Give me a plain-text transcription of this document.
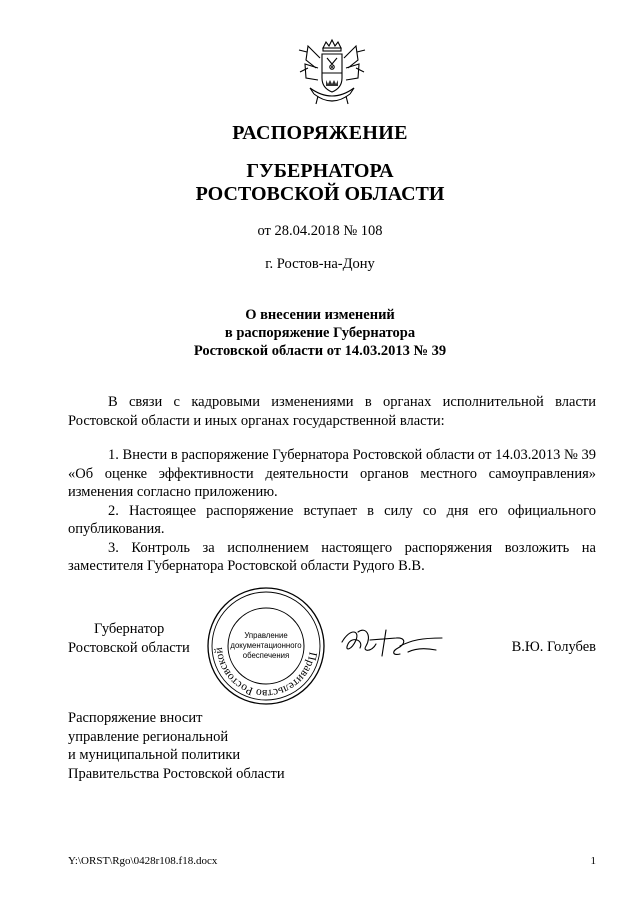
РАСПОРЯЖЕНИЕ
ГУБЕРНАТОРА
РОСТОВСКОЙ ОБЛАСТИ
от 28.04.2018 № 108
г. Ростов-на-Дону
О внесении изменений
в распоряжение Губернатора
Ростовской области от 14.03.2013 № 39

В связи с кадровыми изменениями в органах исполнительной власти Ростовской области и иных органах государственной власти:

1. Внести в распоряжение Губернатора Ростовской области от 14.03.2013 № 39 «Об оценке эффективности деятельности органов местного самоуправления» изменения согласно приложению.

2. Настоящее распоряжение вступает в силу со дня его официального опубликования.

3. Контроль за исполнением настоящего распоряжения возложить на заместителя Губернатора Ростовской области Рудого В.В.

Губернатор
Ростовской области
Правительство Ростовской
Управление
документационного
обеспечения
В.Ю. Голубев
Распоряжение вносит
управление региональной
и муниципальной политики
Правительства Ростовской области
Y:\ORST\Rgo\0428r108.f18.docx	1
